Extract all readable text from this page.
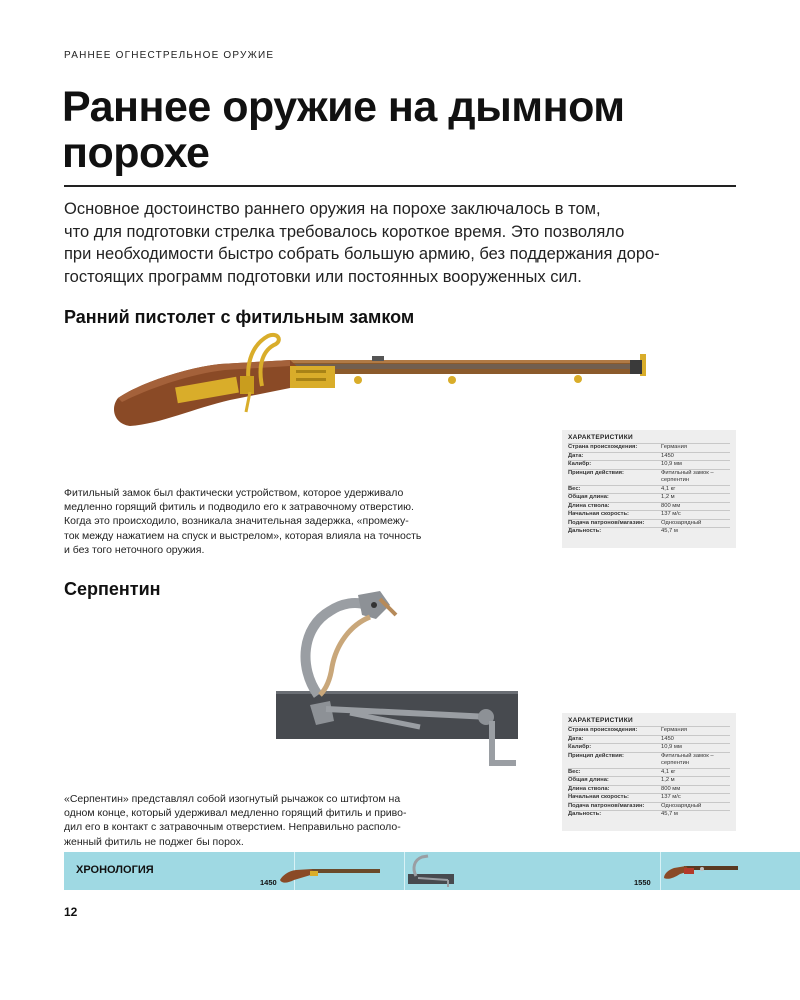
РАННЕЕ ОГНЕСТРЕЛЬНОЕ ОРУЖИЕ
Раннее оружие на дымном
порохе
Основное достоинство раннего оружия на порохе заключалось в том,
что для подготовки стрелка требовалось короткое время. Это позволяло
при необходимости быстро собрать большую армию, без поддержания доро-
гостоящих программ подготовки или постоянных вооруженных сил.
Ранний пистолет с фитильным замком
Фитильный замок был фактически устройством, которое удерживало
медленно горящий фитиль и подводило его к затравочному отверстию.
Когда это происходило, возникала значительная задержка, «промежу-
ток между нажатием на спуск и выстрелом», которая влияла на точность
и без того неточного оружия.
ХАРАКТЕРИСТИКИ
Страна происхождения:	Германия
Дата:	1450
Калибр:	10,9 мм
Принцип действия:	Фитильный замок –
серпентин
Вес:	4,1 кг
Общая длина:	1,2 м
Длина ствола:	800 мм
Начальная скорость:	137 м/с
Подача патронов/магазин:	Однозарядный
Дальность:	45,7 м
Серпентин
«Серпентин» представлял собой изогнутый рычажок со штифтом на
одном конце, который удерживал медленно горящий фитиль и приво-
дил его в контакт с затравочным отверстием. Неправильно располо-
женный фитиль не поджег бы порох.
ХАРАКТЕРИСТИКИ
Страна происхождения:	Германия
Дата:	1450
Калибр:	10,9 мм
Принцип действия:	Фитильный замок –
серпентин
Вес:	4,1 кг
Общая длина:	1,2 м
Длина ствола:	800 мм
Начальная скорость:	137 м/с
Подача патронов/магазин:	Однозарядный
Дальность:	45,7 м
ХРОНОЛОГИЯ
1450	1550
12
